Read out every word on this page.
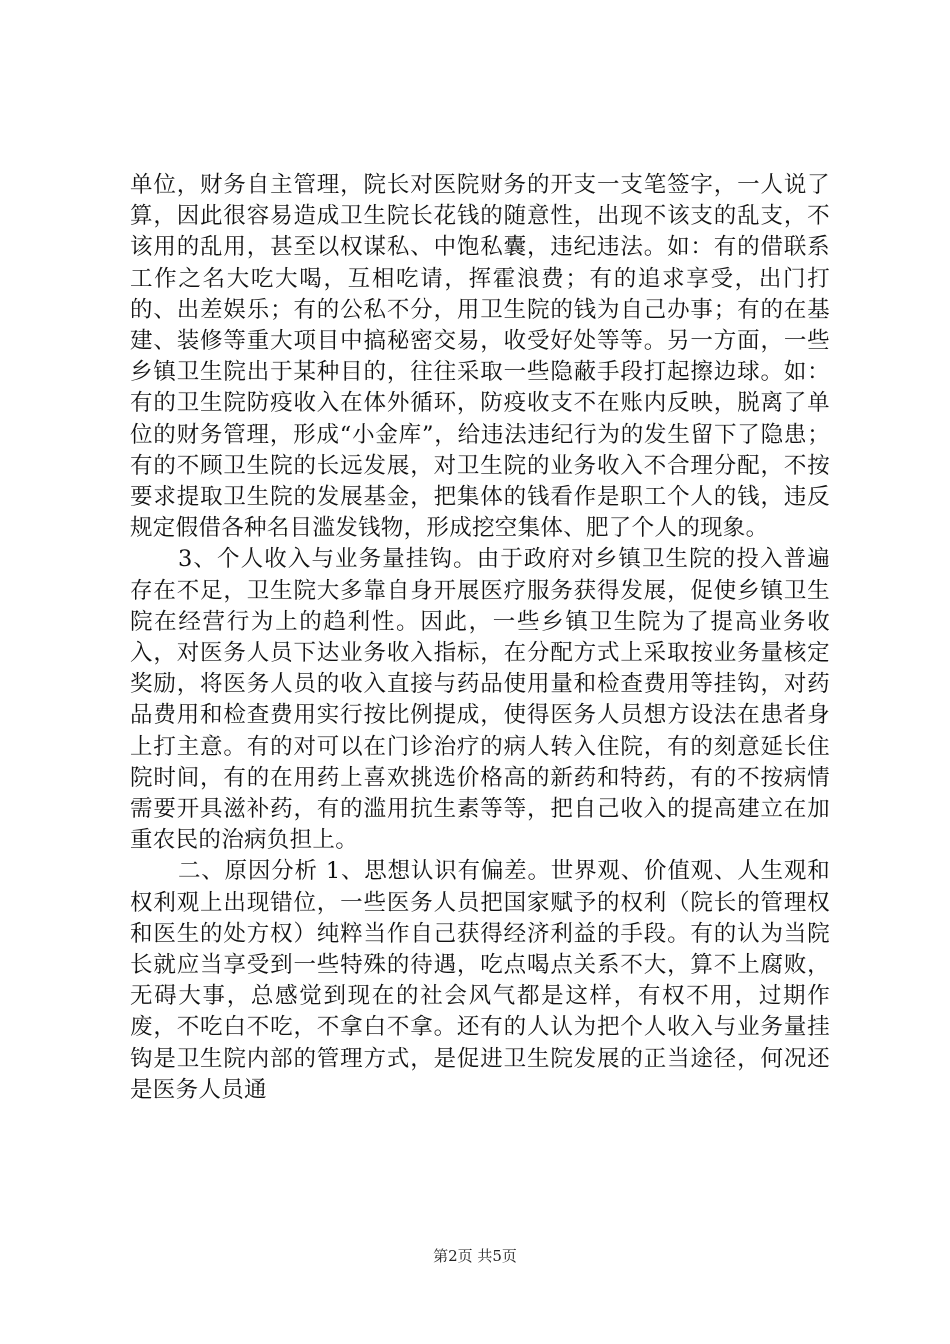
单位，财务自主管理，院长对医院财务的开支一支笔签字，一人说了算，因此很容易造成卫生院长花钱的随意性，出现不该支的乱支，不该用的乱用，甚至以权谋私、中饱私囊，违纪违法。如：有的借联系工作之名大吃大喝，互相吃请，挥霍浪费；有的追求享受，出门打的、出差娱乐；有的公私不分，用卫生院的钱为自己办事；有的在基建、装修等重大项目中搞秘密交易，收受好处等等。另一方面，一些乡镇卫生院出于某种目的，往往采取一些隐蔽手段打起擦边球。如：有的卫生院防疫收入在体外循环，防疫收支不在账内反映，脱离了单位的财务管理，形成“小金库”，给违法违纪行为的发生留下了隐患；有的不顾卫生院的长远发展，对卫生院的业务收入不合理分配，不按要求提取卫生院的发展基金，把集体的钱看作是职工个人的钱，违反规定假借各种名目滥发钱物，形成挖空集体、肥了个人的现象。

3、个人收入与业务量挂钩。由于政府对乡镇卫生院的投入普遍存在不足，卫生院大多靠自身开展医疗服务获得发展，促使乡镇卫生院在经营行为上的趋利性。因此，一些乡镇卫生院为了提高业务收入，对医务人员下达业务收入指标，在分配方式上采取按业务量核定奖励，将医务人员的收入直接与药品使用量和检查费用等挂钩，对药品费用和检查费用实行按比例提成，使得医务人员想方设法在患者身上打主意。有的对可以在门诊治疗的病人转入住院，有的刻意延长住院时间，有的在用药上喜欢挑选价格高的新药和特药，有的不按病情需要开具滋补药，有的滥用抗生素等等，把自己收入的提高建立在加重农民的治病负担上。

二、原因分析 1、思想认识有偏差。世界观、价值观、人生观和权利观上出现错位，一些医务人员把国家赋予的权利（院长的管理权和医生的处方权）纯粹当作自己获得经济利益的手段。有的认为当院长就应当享受到一些特殊的待遇，吃点喝点关系不大，算不上腐败，无碍大事，总感觉到现在的社会风气都是这样，有权不用，过期作废，不吃白不吃，不拿白不拿。还有的人认为把个人收入与业务量挂钩是卫生院内部的管理方式，是促进卫生院发展的正当途径，何况还是医务人员通

第2页 共5页
